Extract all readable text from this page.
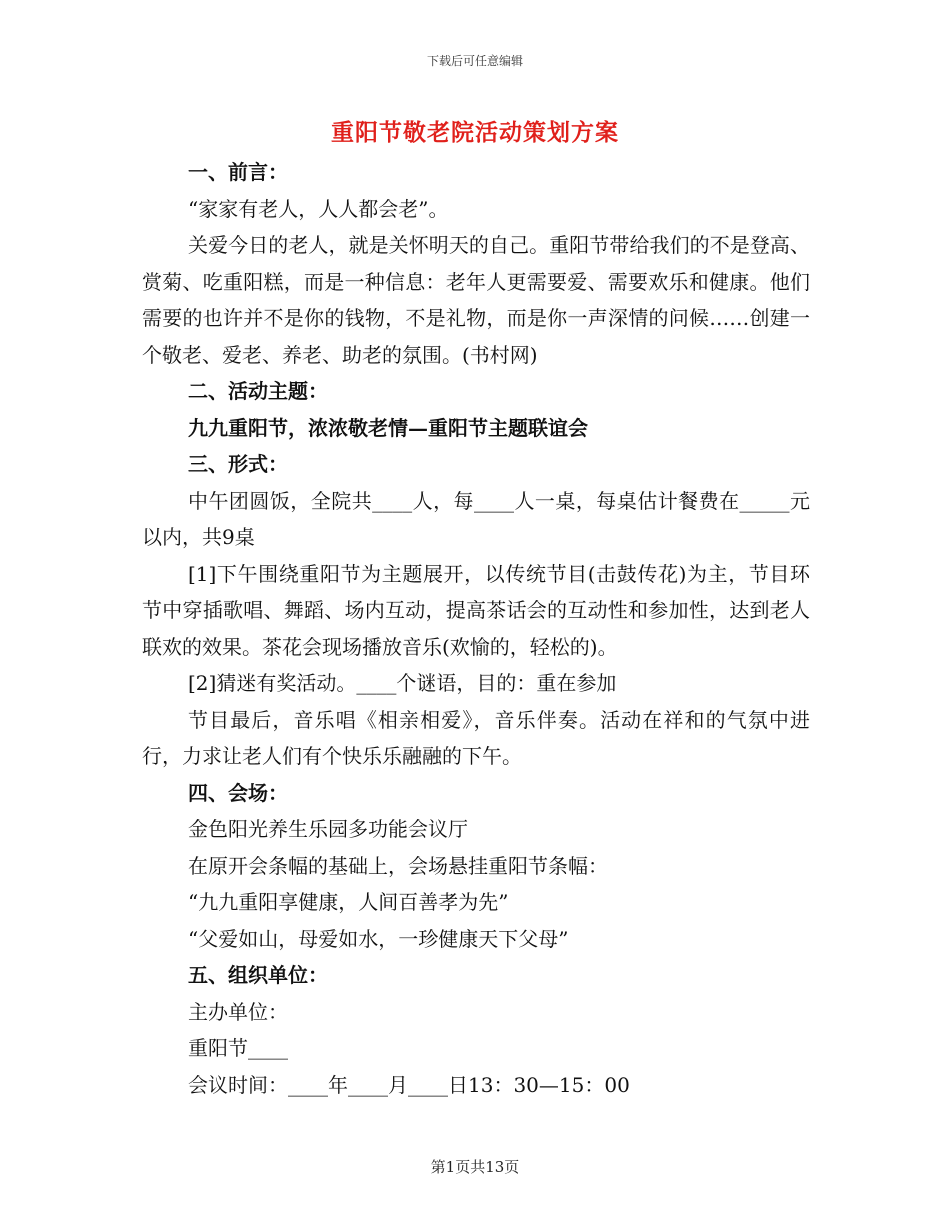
下载后可任意编辑
重阳节敬老院活动策划方案
一、前言：
“家家有老人，人人都会老”。
关爱今日的老人，就是关怀明天的自己。重阳节带给我们的不是登高、赏菊、吃重阳糕，而是一种信息：老年人更需要爱、需要欢乐和健康。他们需要的也许并不是你的钱物，不是礼物，而是你一声深情的问候……创建一个敬老、爱老、养老、助老的氛围。(书村网)
二、活动主题：
九九重阳节，浓浓敬老情—重阳节主题联谊会
三、形式：
中午团圆饭，全院共____人，每____人一桌，每桌估计餐费在_____元以内，共9桌
[1]下午围绕重阳节为主题展开，以传统节目(击鼓传花)为主，节目环节中穿插歌唱、舞蹈、场内互动，提高茶话会的互动性和参加性，达到老人联欢的效果。茶花会现场播放音乐(欢愉的，轻松的)。
[2]猜迷有奖活动。____个谜语，目的：重在参加
节目最后，音乐唱《相亲相爱》，音乐伴奏。活动在祥和的气氛中进行，力求让老人们有个快乐乐融融的下午。
四、会场：
金色阳光养生乐园多功能会议厅
在原开会条幅的基础上，会场悬挂重阳节条幅：
“九九重阳享健康，人间百善孝为先”
“父爱如山，母爱如水，一珍健康天下父母”
五、组织单位：
主办单位：
重阳节____
会议时间：____年____月____日13：30—15：00
第1页共13页
